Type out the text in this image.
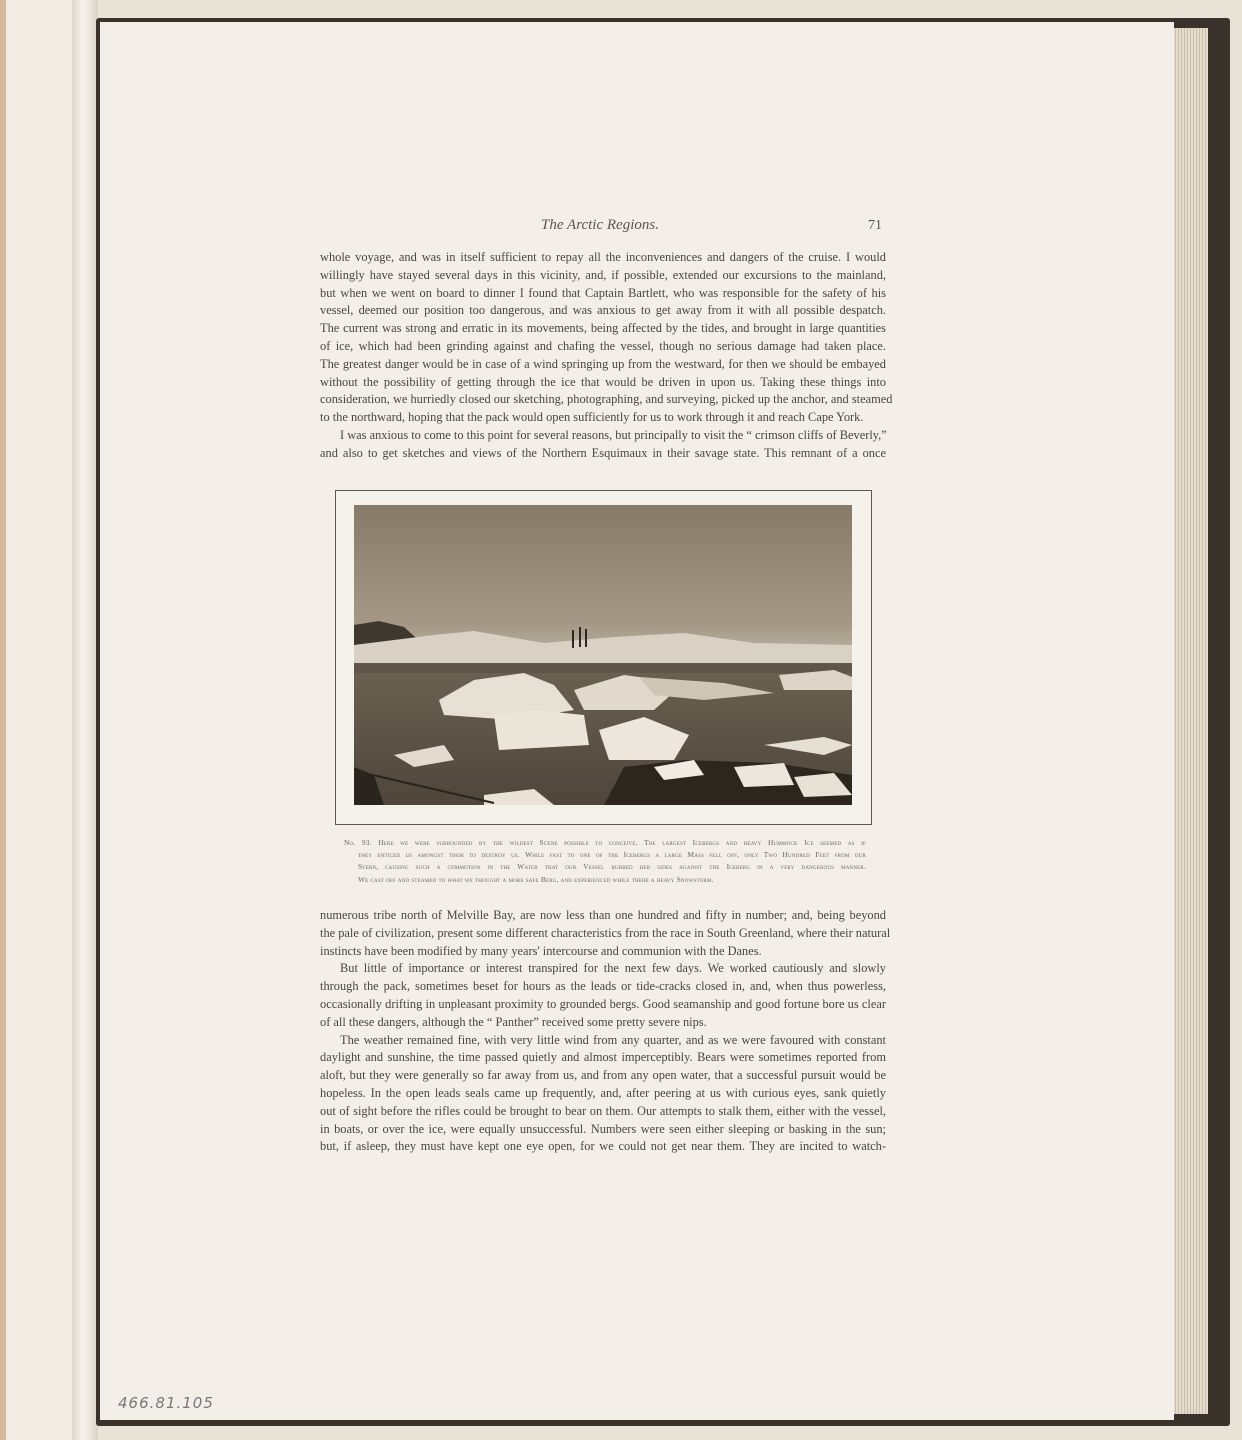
The Arctic Regions.	71
whole voyage, and was in itself sufficient to repay all the inconveniences and dangers of the cruise. I would
willingly have stayed several days in this vicinity, and, if possible, extended our excursions to the mainland,
but when we went on board to dinner I found that Captain Bartlett, who was responsible for the safety of his
vessel, deemed our position too dangerous, and was anxious to get away from it with all possible despatch.
The current was strong and erratic in its movements, being affected by the tides, and brought in large quantities
of ice, which had been grinding against and chafing the vessel, though no serious damage had taken place.
The greatest danger would be in case of a wind springing up from the westward, for then we should be embayed
without the possibility of getting through the ice that would be driven in upon us. Taking these things into
consideration, we hurriedly closed our sketching, photographing, and surveying, picked up the anchor, and steamed
to the northward, hoping that the pack would open sufficiently for us to work through it and reach Cape York.
I was anxious to come to this point for several reasons, but principally to visit the “ crimson cliffs of Beverly,”
and also to get sketches and views of the Northern Esquimaux in their savage state. This remnant of a once
No. 93. Here we were surrounded by the wildest Scene possible to conceive. The largest Icebergs and heavy Hummock Ice seemed as if
they enticed us amongst them to destroy us. While fast to one of the Icebergs a large Mass fell off, only Two Hundred Feet from our
Stern, causing such a commotion in the Water that our Vessel rubbed her sides against the Iceberg in a very dangerous manner.
We cast off and steamed to what we thought a more safe Berg, and experienced while there a heavy Snowstorm.
numerous tribe north of Melville Bay, are now less than one hundred and fifty in number; and, being beyond
the pale of civilization, present some different characteristics from the race in South Greenland, where their natural
instincts have been modified by many years' intercourse and communion with the Danes.
But little of importance or interest transpired for the next few days. We worked cautiously and slowly
through the pack, sometimes beset for hours as the leads or tide-cracks closed in, and, when thus powerless,
occasionally drifting in unpleasant proximity to grounded bergs. Good seamanship and good fortune bore us clear
of all these dangers, although the “ Panther” received some pretty severe nips.
The weather remained fine, with very little wind from any quarter, and as we were favoured with constant
daylight and sunshine, the time passed quietly and almost imperceptibly. Bears were sometimes reported from
aloft, but they were generally so far away from us, and from any open water, that a successful pursuit would be
hopeless. In the open leads seals came up frequently, and, after peering at us with curious eyes, sank quietly
out of sight before the rifles could be brought to bear on them. Our attempts to stalk them, either with the vessel,
in boats, or over the ice, were equally unsuccessful. Numbers were seen either sleeping or basking in the sun;
but, if asleep, they must have kept one eye open, for we could not get near them. They are incited to watch-
466.81.105
